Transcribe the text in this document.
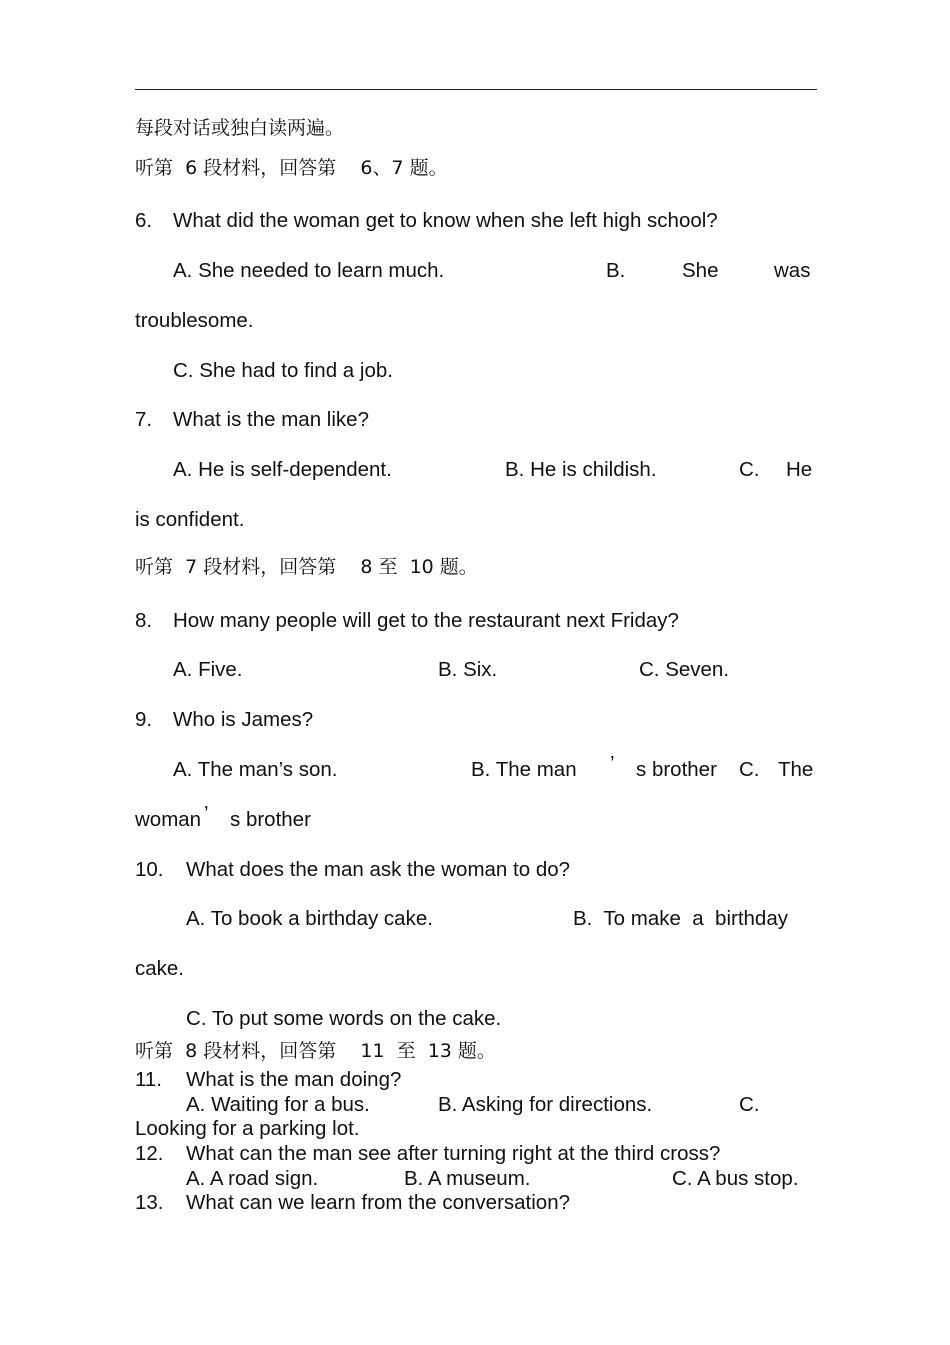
每段对话或独白读两遍。
听第  6 段材料，回答第    6、7 题。
6. What did the woman get to know when she left high school?
A. She needed to learn much.	B.	She	was
troublesome.
C. She had to find a job.
7. What is the man like?
A. He is self-dependent.	B. He is childish.	C. He
is confident.
听第  7 段材料，回答第    8 至  10 题。
8. How many people will get to the restaurant next Friday?
A. Five.	B. Six.	C. Seven.
9. Who is James?
A. The man’s son.	B. The man ’ s brother C. The
woman ’ s brother
10. What does the man ask the woman to do?
A. To book a birthday cake.	B.  To make  a  birthday
cake.
C. To put some words on the cake.
听第  8 段材料，回答第    11  至  13 题。
11. What is the man doing?
A. Waiting for a bus.	B. Asking for directions.	C.
Looking for a parking lot.
12. What can the man see after turning right at the third cross?
A. A road sign.	B. A museum.	C. A bus stop.
13. What can we learn from the conversation?
